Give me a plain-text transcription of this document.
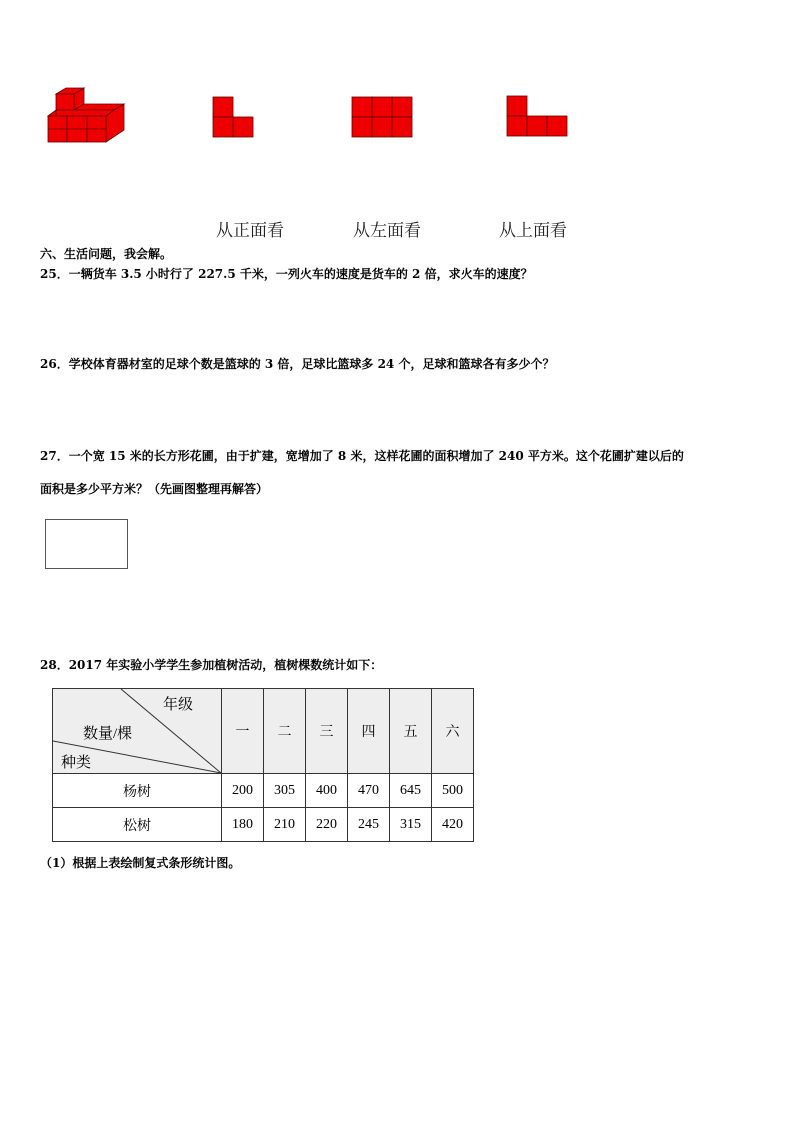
从正面看	从左面看	从上面看
六、生活问题，我会解。
25．一辆货车 3.5 小时行了 227.5 千米，一列火车的速度是货车的 2 倍，求火车的速度？
26．学校体育器材室的足球个数是篮球的 3 倍，足球比篮球多 24 个，足球和篮球各有多少个？
27．一个宽 15 米的长方形花圃，由于扩建，宽增加了 8 米，这样花圃的面积增加了 240 平方米。这个花圃扩建以后的
面积是多少平方米？（先画图整理再解答）
28．2017 年实验小学学生参加植树活动，植树棵数统计如下：
年级
数量/棵
种类	一	二	三	四	五	六
杨树	200	305	400	470	645	500
松树	180	210	220	245	315	420
（1）根据上表绘制复式条形统计图。
